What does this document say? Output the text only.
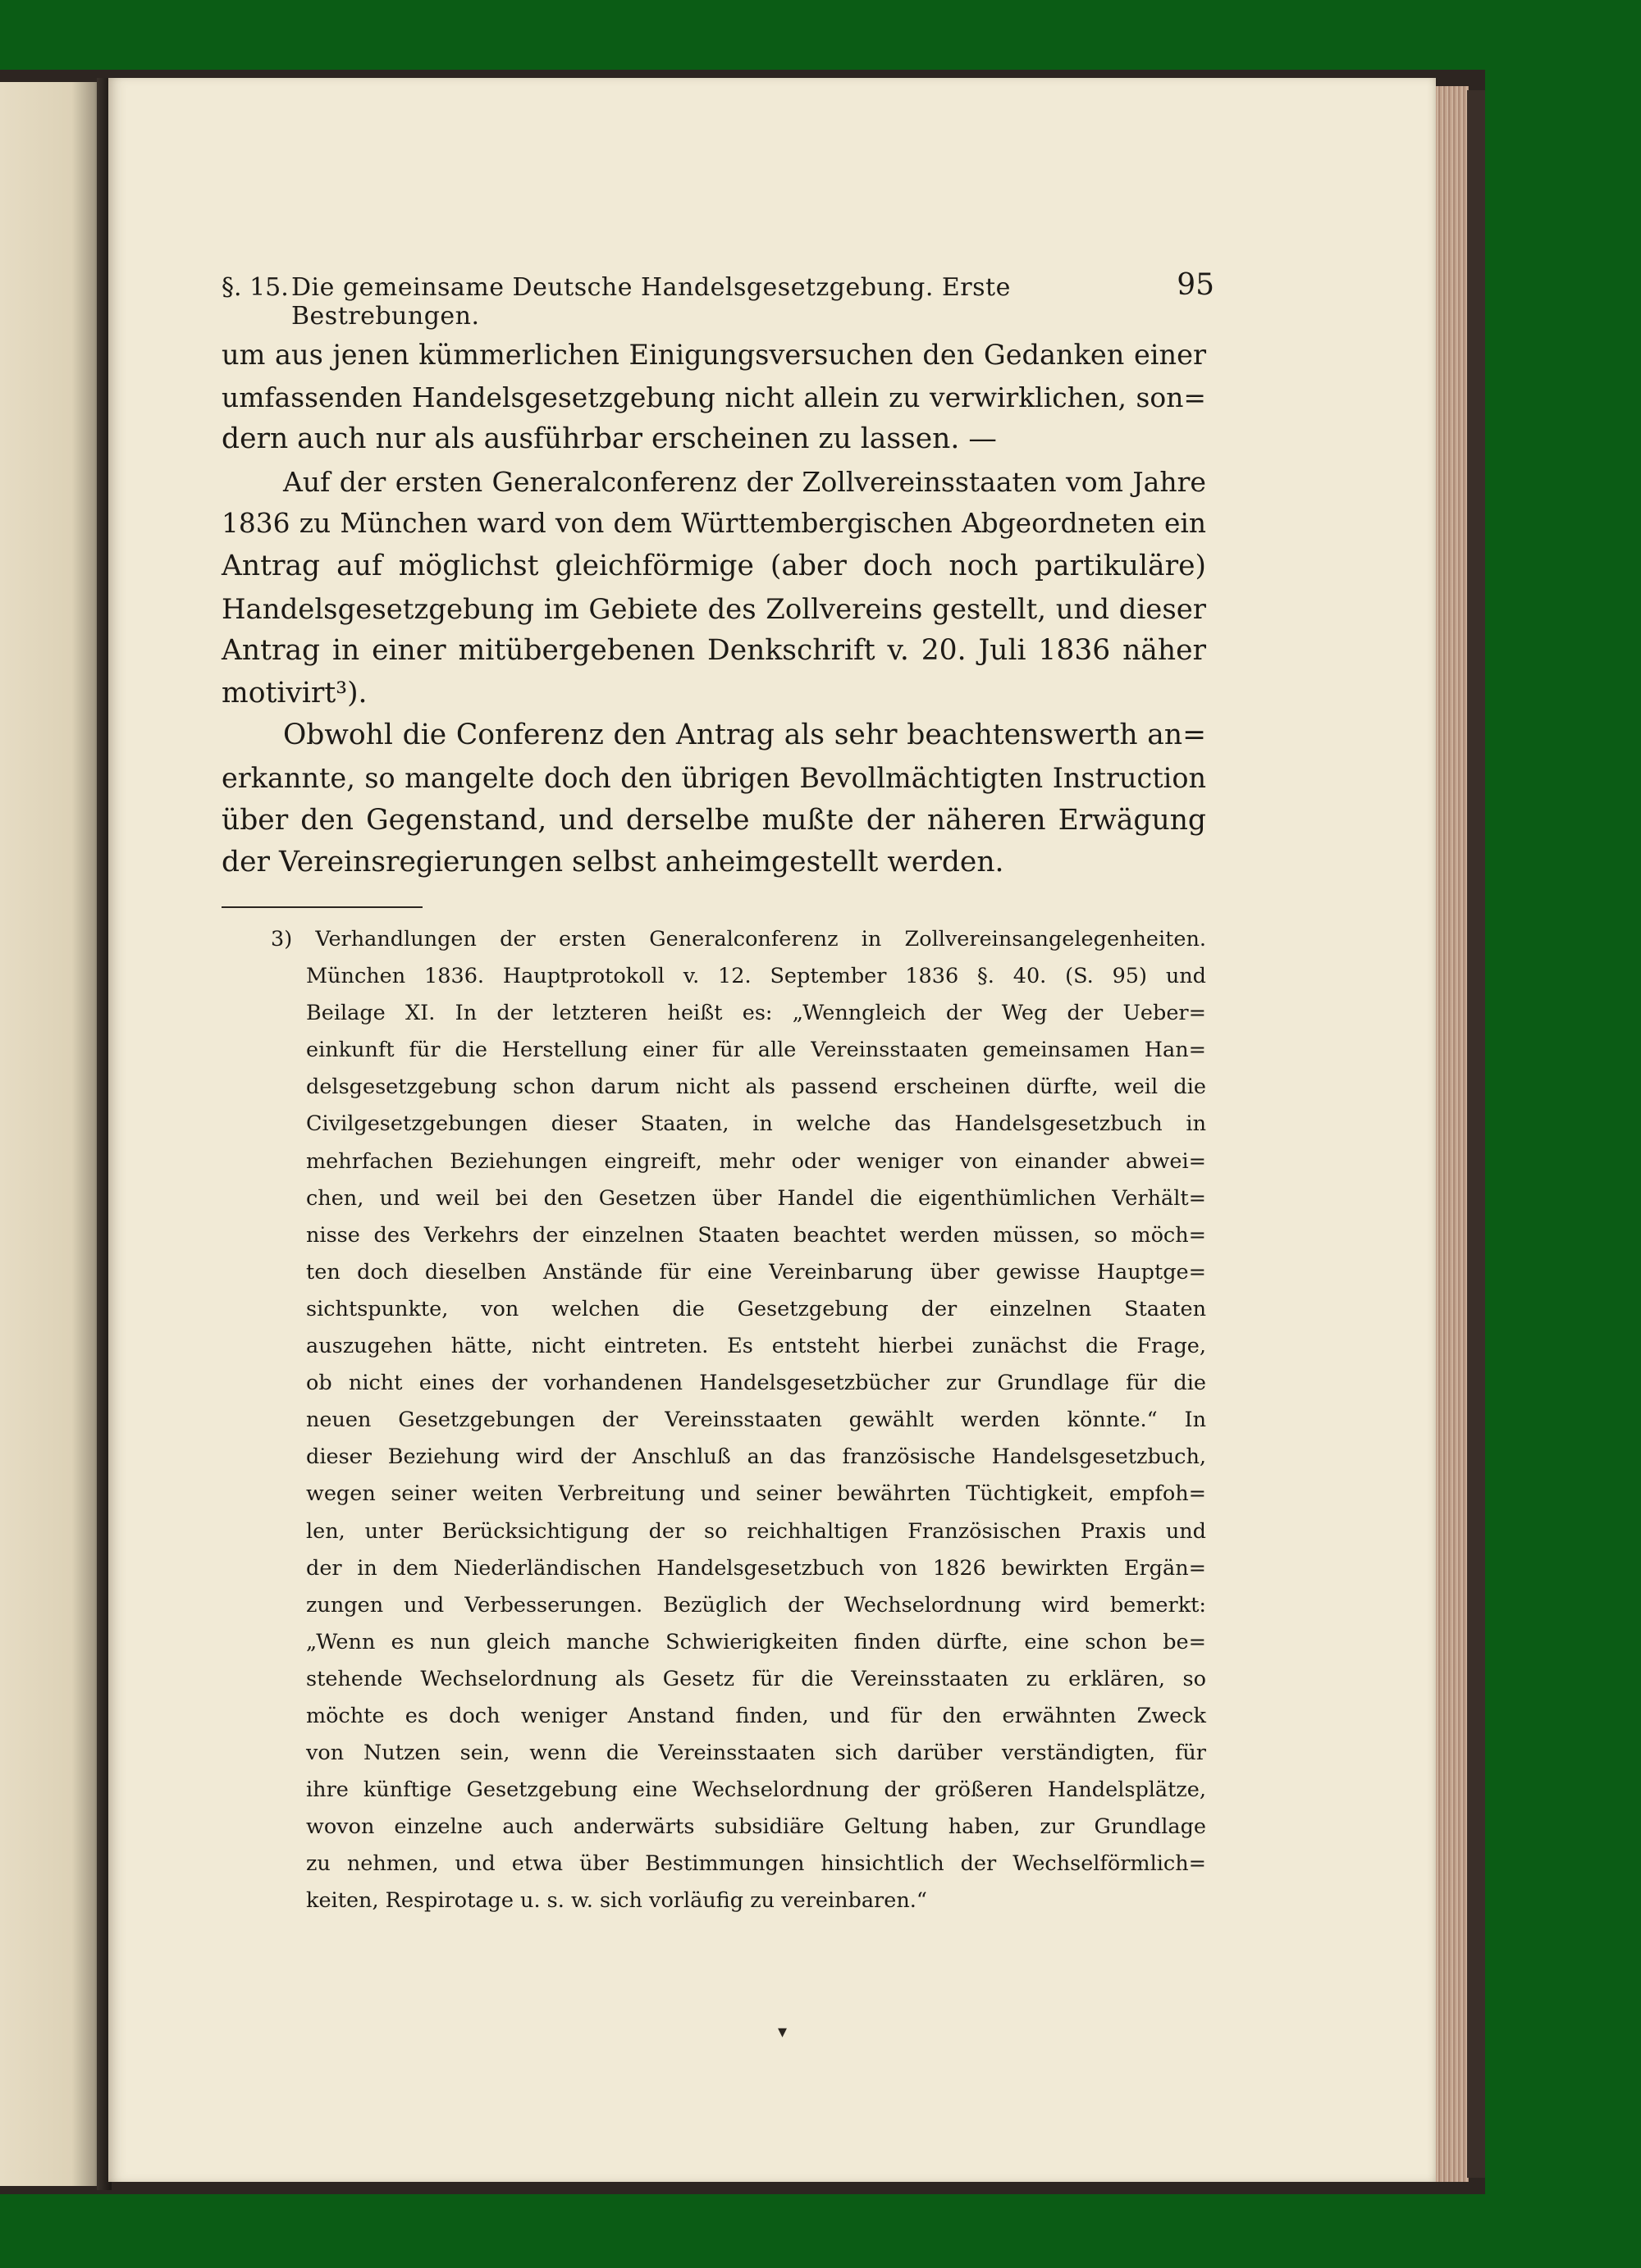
§. 15. Die gemeinsame Deutsche Handelsgesetzgebung. Erste Bestrebungen.
95
um aus jenen kümmerlichen Einigungsversuchen den Gedanken einer
umfassenden Handelsgesetzgebung nicht allein zu verwirklichen, son=
dern auch nur als ausführbar erscheinen zu lassen. —
Auf der ersten Generalconferenz der Zollvereinsstaaten vom Jahre
1836 zu München ward von dem Württembergischen Abgeordneten ein
Antrag auf möglichst gleichförmige (aber doch noch partikuläre)
Handelsgesetzgebung im Gebiete des Zollvereins gestellt, und dieser
Antrag in einer mitübergebenen Denkschrift v. 20. Juli 1836 näher
motivirt³).
Obwohl die Conferenz den Antrag als sehr beachtenswerth an=
erkannte, so mangelte doch den übrigen Bevollmächtigten Instruction
über den Gegenstand, und derselbe mußte der näheren Erwägung
der Vereinsregierungen selbst anheimgestellt werden.
3) Verhandlungen der ersten Generalconferenz in Zollvereinsangelegenheiten.
München 1836. Hauptprotokoll v. 12. September 1836 §. 40. (S. 95) und
Beilage XI. In der letzteren heißt es: „Wenngleich der Weg der Ueber=
einkunft für die Herstellung einer für alle Vereinsstaaten gemeinsamen Han=
delsgesetzgebung schon darum nicht als passend erscheinen dürfte, weil die
Civilgesetzgebungen dieser Staaten, in welche das Handelsgesetzbuch in
mehrfachen Beziehungen eingreift, mehr oder weniger von einander abwei=
chen, und weil bei den Gesetzen über Handel die eigenthümlichen Verhält=
nisse des Verkehrs der einzelnen Staaten beachtet werden müssen, so möch=
ten doch dieselben Anstände für eine Vereinbarung über gewisse Hauptge=
sichtspunkte, von welchen die Gesetzgebung der einzelnen Staaten
auszugehen hätte, nicht eintreten. Es entsteht hierbei zunächst die Frage,
ob nicht eines der vorhandenen Handelsgesetzbücher zur Grundlage für die
neuen Gesetzgebungen der Vereinsstaaten gewählt werden könnte.“ In
dieser Beziehung wird der Anschluß an das französische Handelsgesetzbuch,
wegen seiner weiten Verbreitung und seiner bewährten Tüchtigkeit, empfoh=
len, unter Berücksichtigung der so reichhaltigen Französischen Praxis und
der in dem Niederländischen Handelsgesetzbuch von 1826 bewirkten Ergän=
zungen und Verbesserungen. Bezüglich der Wechselordnung wird bemerkt:
„Wenn es nun gleich manche Schwierigkeiten finden dürfte, eine schon be=
stehende Wechselordnung als Gesetz für die Vereinsstaaten zu erklären, so
möchte es doch weniger Anstand finden, und für den erwähnten Zweck
von Nutzen sein, wenn die Vereinsstaaten sich darüber verständigten, für
ihre künftige Gesetzgebung eine Wechselordnung der größeren Handelsplätze,
wovon einzelne auch anderwärts subsidiäre Geltung haben, zur Grundlage
zu nehmen, und etwa über Bestimmungen hinsichtlich der Wechselförmlich=
keiten, Respirotage u. s. w. sich vorläufig zu vereinbaren.“
▾
